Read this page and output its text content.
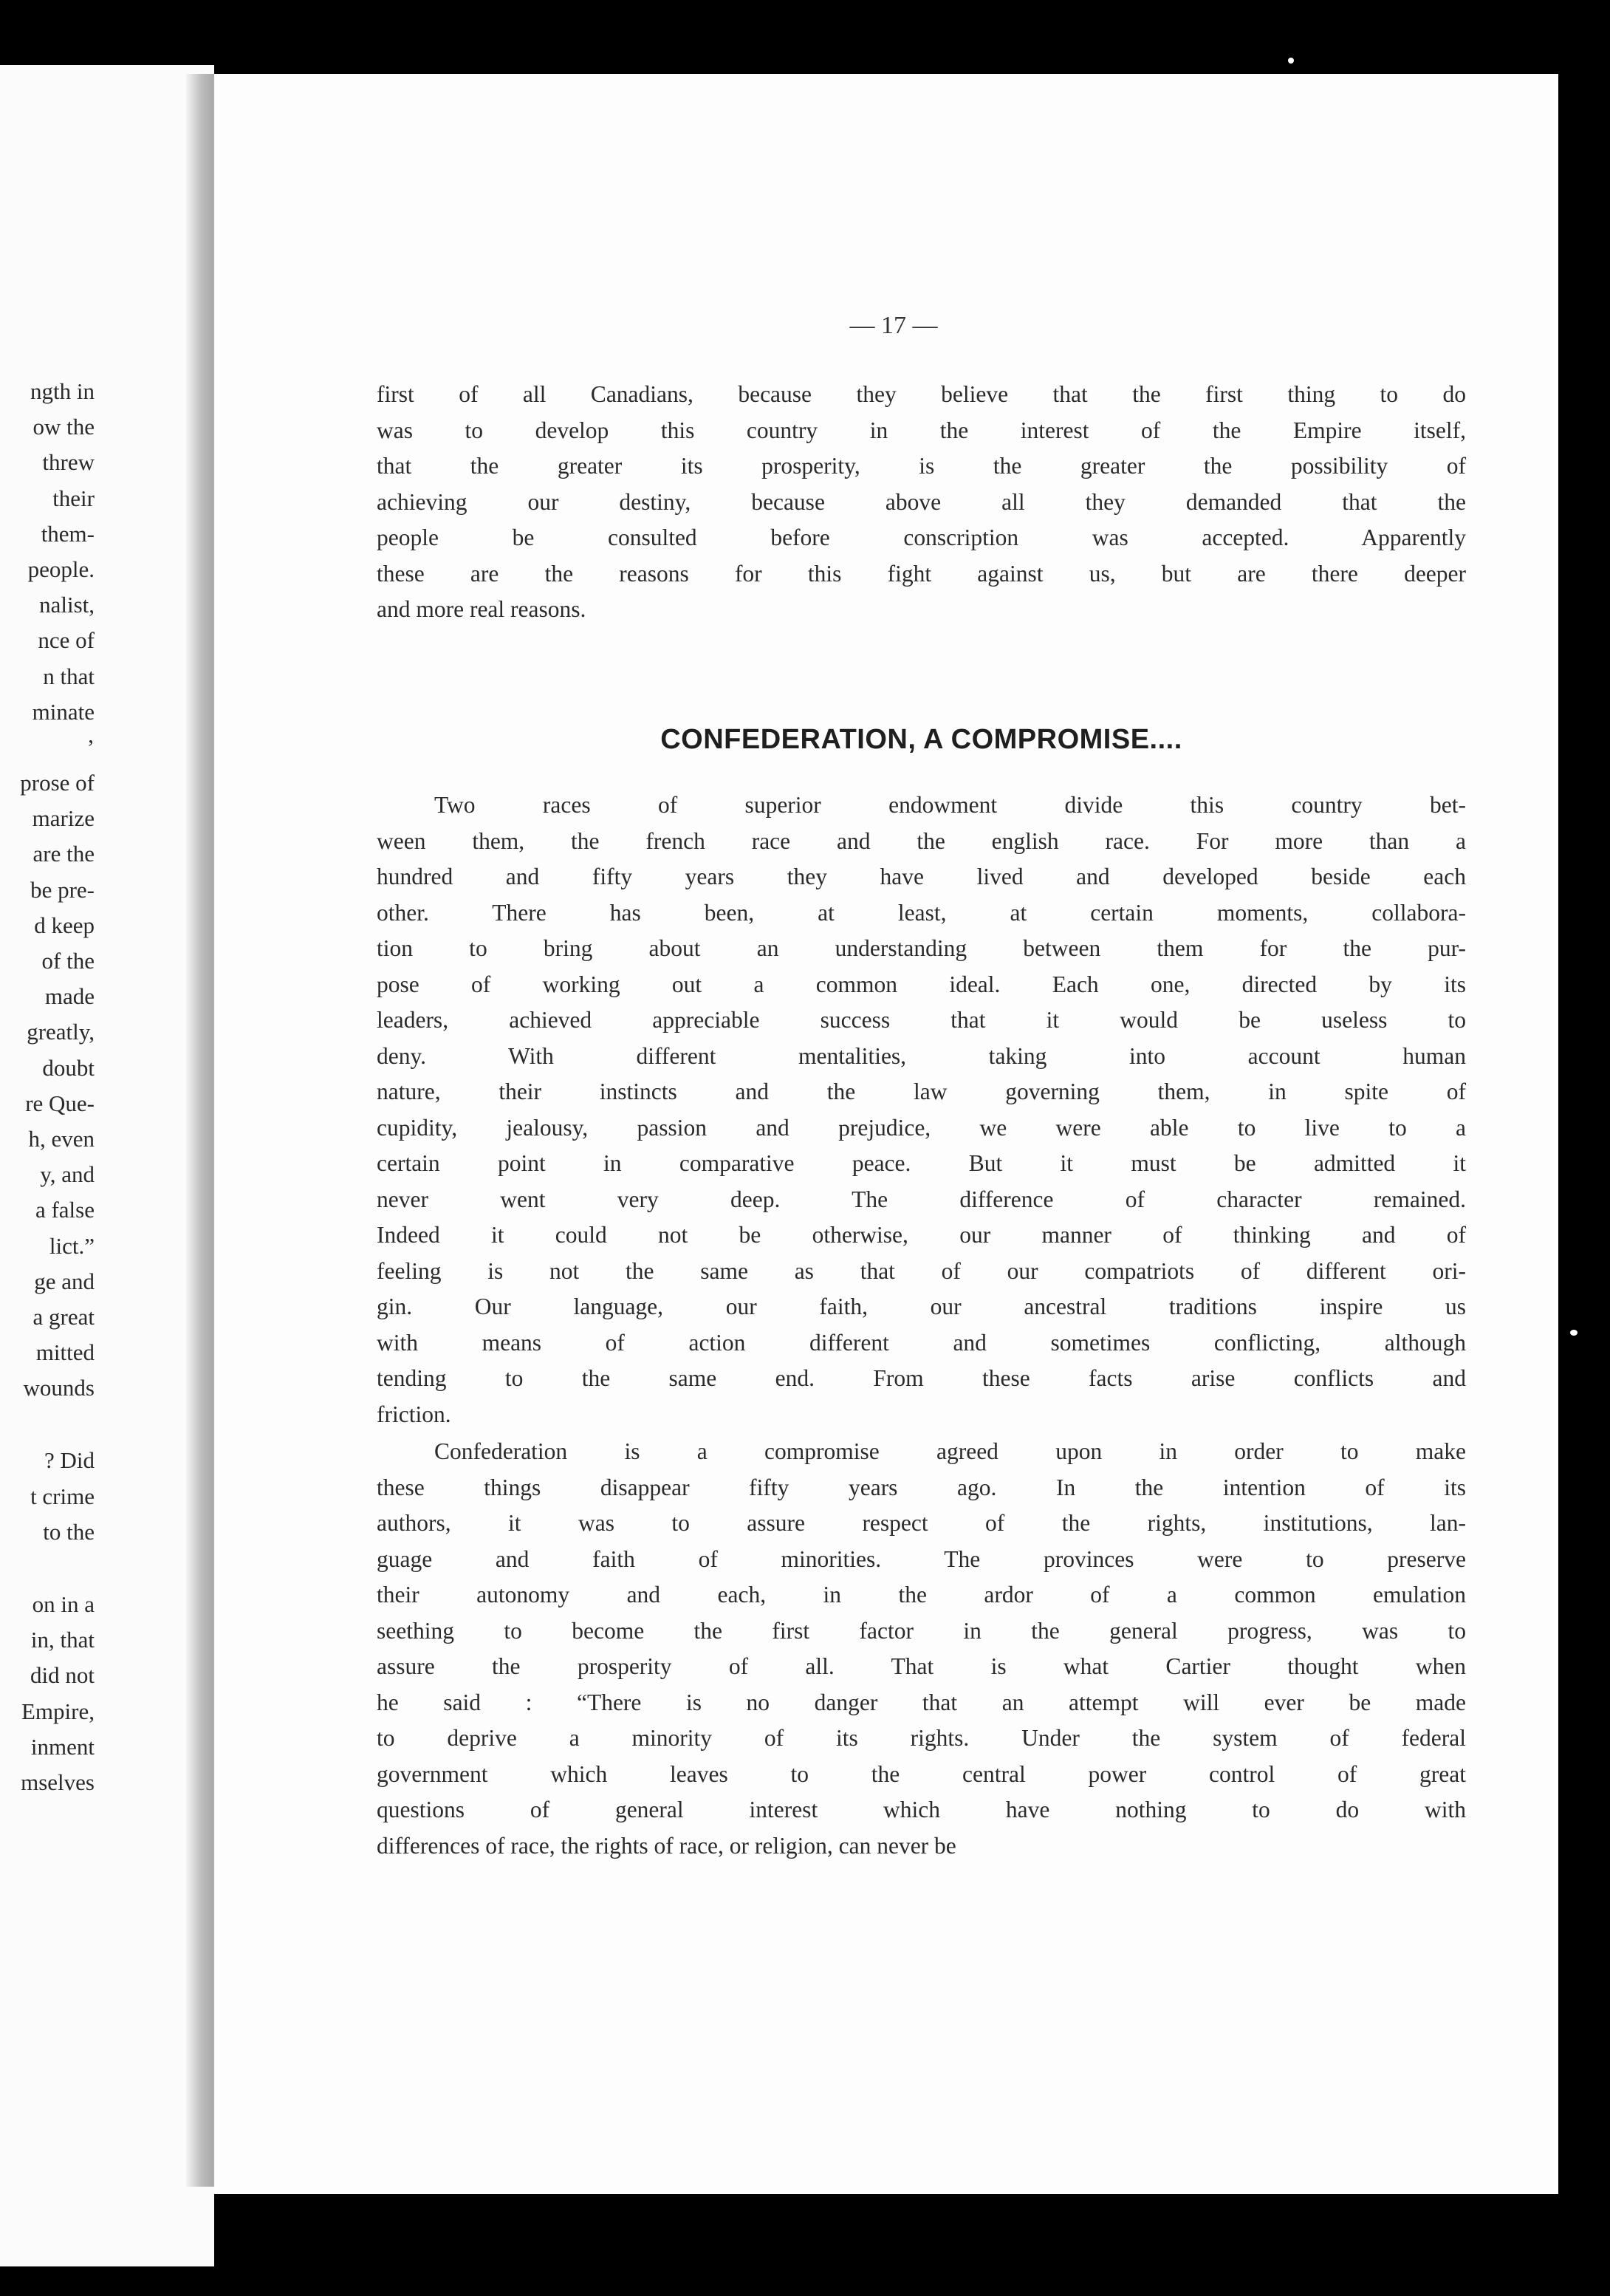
ngth in
ow the
threw
their
them-
people.
nalist,
nce of
n that
minate
’
prose of
marize
are the
be pre-
d keep
of the
made
greatly,
doubt
re Que-
h, even
y, and
a false
lict.”
ge and
a great
mitted
wounds
? Did
t crime
to the
on in a
in, that
did not
Empire,
inment
mselves
— 17 —
first of all Canadians, because they believe that the first thing to do
was to develop this country in the interest of the Empire itself,
that the greater its prosperity, is the greater the possibility of
achieving our destiny, because above all they demanded that the
people be consulted before conscription was accepted. Apparently
these are the reasons for this fight against us, but are there deeper
and more real reasons.
CONFEDERATION, A COMPROMISE....
Two races of superior endowment divide this country bet-
ween them, the french race and the english race. For more than a
hundred and fifty years they have lived and developed beside each
other. There has been, at least, at certain moments, collabora-
tion to bring about an understanding between them for the pur-
pose of working out a common ideal. Each one, directed by its
leaders, achieved appreciable success that it would be useless to
deny. With different mentalities, taking into account human
nature, their instincts and the law governing them, in spite of
cupidity, jealousy, passion and prejudice, we were able to live to a
certain point in comparative peace. But it must be admitted it
never went very deep. The difference of character remained.
Indeed it could not be otherwise, our manner of thinking and of
feeling is not the same as that of our compatriots of different ori-
gin. Our language, our faith, our ancestral traditions inspire us
with means of action different and sometimes conflicting, although
tending to the same end. From these facts arise conflicts and
friction.
Confederation is a compromise agreed upon in order to make
these things disappear fifty years ago. In the intention of its
authors, it was to assure respect of the rights, institutions, lan-
guage and faith of minorities. The provinces were to preserve
their autonomy and each, in the ardor of a common emulation
seething to become the first factor in the general progress, was to
assure the prosperity of all. That is what Cartier thought when
he said : “There is no danger that an attempt will ever be made
to deprive a minority of its rights. Under the system of federal
government which leaves to the central power control of great
questions of general interest which have nothing to do with
differences of race, the rights of race, or religion, can never be
